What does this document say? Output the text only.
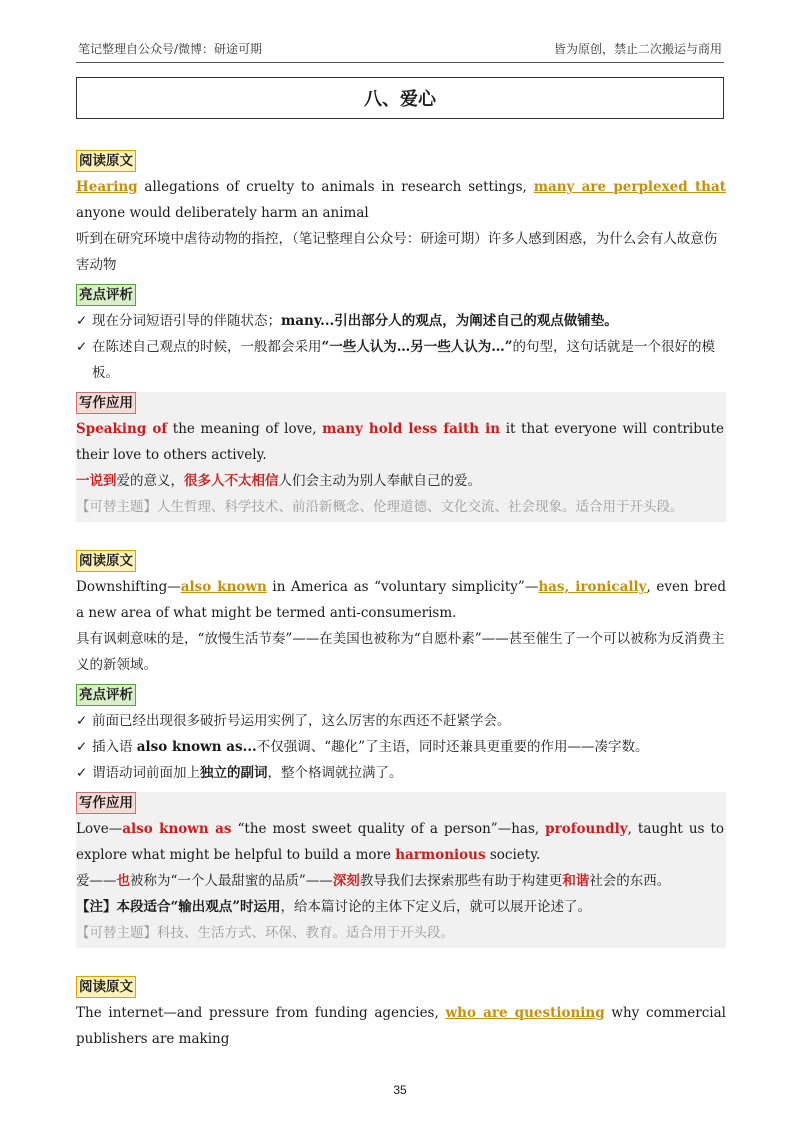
笔记整理自公众号/微博：研途可期	皆为原创，禁止二次搬运与商用
八、爱心
阅读原文
Hearing allegations of cruelty to animals in research settings, many are perplexed that anyone would deliberately harm an animal
听到在研究环境中虐待动物的指控，（笔记整理自公众号：研途可期）许多人感到困惑，为什么会有人故意伤害动物
亮点评析
✓ 现在分词短语引导的伴随状态；many...引出部分人的观点，为阐述自己的观点做铺垫。
✓ 在陈述自己观点的时候，一般都会采用“一些人认为…另一些人认为…”的句型，这句话就是一个很好的模板。
写作应用
Speaking of the meaning of love, many hold less faith in it that everyone will contribute their love to others actively.
一说到爱的意义，很多人不太相信人们会主动为别人奉献自己的爱。
【可替主题】人生哲理、科学技术、前沿新概念、伦理道德、文化交流、社会现象。适合用于开头段。
阅读原文
Downshifting—also known in America as “voluntary simplicity”—has, ironically, even bred a new area of what might be termed anti-consumerism.
具有讽刺意味的是，“放慢生活节奏”——在美国也被称为“自愿朴素”——甚至催生了一个可以被称为反消费主义的新领域。
亮点评析
✓ 前面已经出现很多破折号运用实例了，这么厉害的东西还不赶紧学会。
✓ 插入语 also known as...不仅强调、“趣化”了主语，同时还兼具更重要的作用——凑字数。
✓ 谓语动词前面加上独立的副词，整个格调就拉满了。
写作应用
Love—also known as “the most sweet quality of a person”—has, profoundly, taught us to explore what might be helpful to build a more harmonious society.
爱——也被称为“一个人最甜蜜的品质”——深刻教导我们去探索那些有助于构建更和谐社会的东西。
【注】本段适合“输出观点”时运用，给本篇讨论的主体下定义后，就可以展开论述了。
【可替主题】科技、生活方式、环保、教育。适合用于开头段。
阅读原文
The internet—and pressure from funding agencies, who are questioning why commercial publishers are making
35
